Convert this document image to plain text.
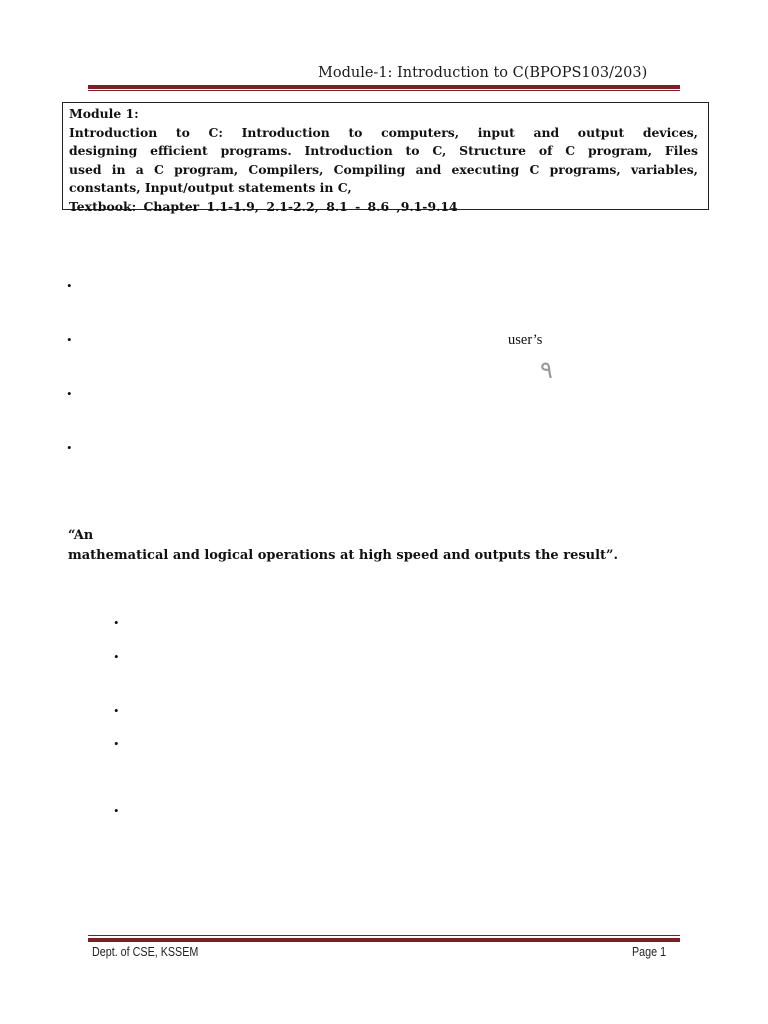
Module-1: Introduction to C(BPOPS103/203)
Module 1:
Introduction to C: Introduction to computers, input and output devices,
designing efficient programs. Introduction to C, Structure of C program, Files
used in a C program, Compilers, Compiling and executing C programs, variables,
constants, Input/output statements in C,
Textbook: Chapter 1.1-1.9, 2.1-2.2, 8.1 - 8.6 ,9.1-9.14
•
•	user’s
٩
•
•
“An
mathematical and logical operations at high speed and outputs the result”.
•
•
•
•
•
Dept. of CSE, KSSEM	Page 1
